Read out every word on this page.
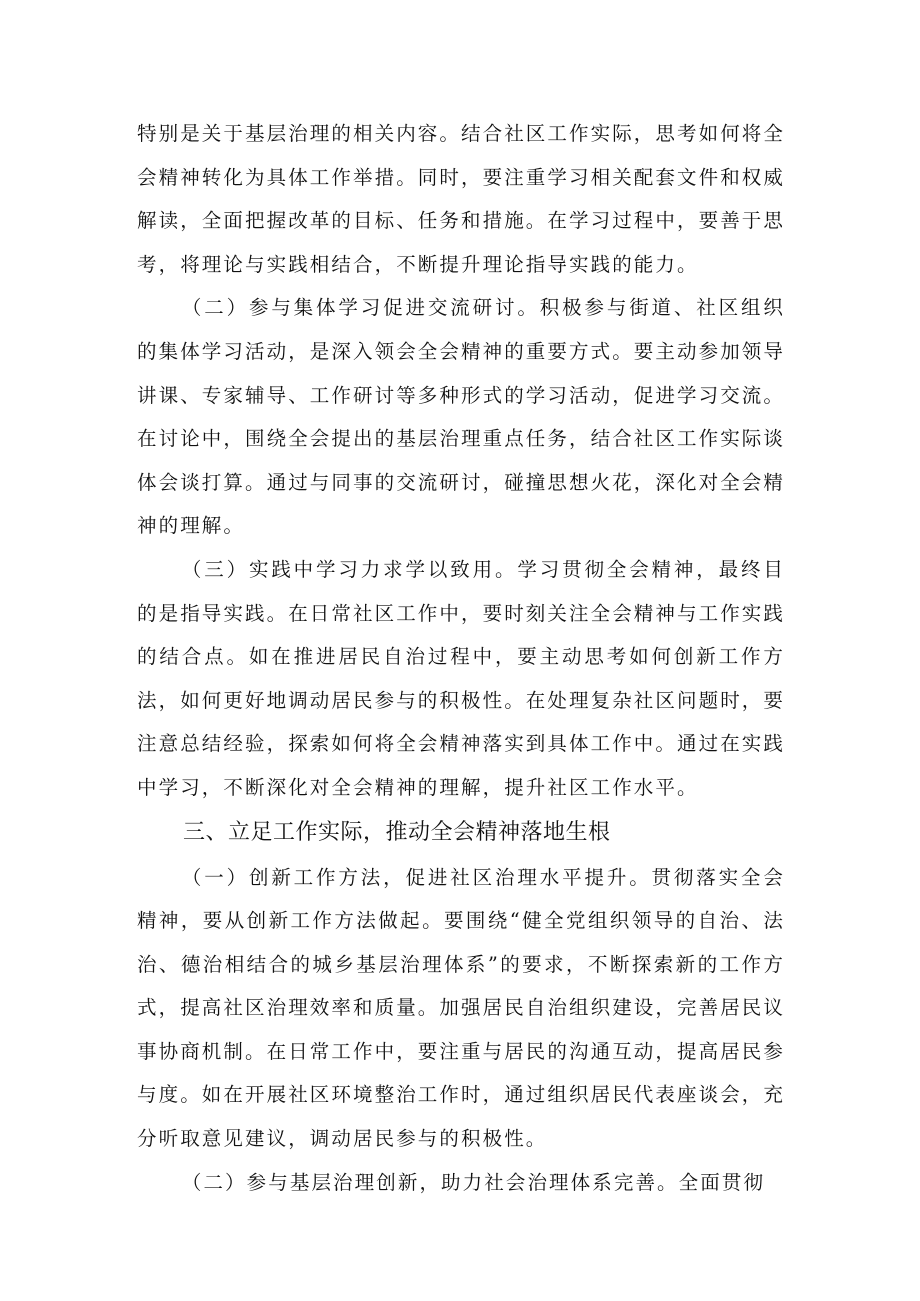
特别是关于基层治理的相关内容。结合社区工作实际，思考如何将全会精神转化为具体工作举措。同时，要注重学习相关配套文件和权威解读，全面把握改革的目标、任务和措施。在学习过程中，要善于思考，将理论与实践相结合，不断提升理论指导实践的能力。

（二）参与集体学习促进交流研讨。积极参与街道、社区组织的集体学习活动，是深入领会全会精神的重要方式。要主动参加领导讲课、专家辅导、工作研讨等多种形式的学习活动，促进学习交流。在讨论中，围绕全会提出的基层治理重点任务，结合社区工作实际谈体会谈打算。通过与同事的交流研讨，碰撞思想火花，深化对全会精神的理解。

（三）实践中学习力求学以致用。学习贯彻全会精神，最终目的是指导实践。在日常社区工作中，要时刻关注全会精神与工作实践的结合点。如在推进居民自治过程中，要主动思考如何创新工作方法，如何更好地调动居民参与的积极性。在处理复杂社区问题时，要注意总结经验，探索如何将全会精神落实到具体工作中。通过在实践中学习，不断深化对全会精神的理解，提升社区工作水平。

三、立足工作实际，推动全会精神落地生根

（一）创新工作方法，促进社区治理水平提升。贯彻落实全会精神，要从创新工作方法做起。要围绕“健全党组织领导的自治、法治、德治相结合的城乡基层治理体系”的要求，不断探索新的工作方式，提高社区治理效率和质量。加强居民自治组织建设，完善居民议事协商机制。在日常工作中，要注重与居民的沟通互动，提高居民参与度。如在开展社区环境整治工作时，通过组织居民代表座谈会，充分听取意见建议，调动居民参与的积极性。

（二）参与基层治理创新，助力社会治理体系完善。全面贯彻
